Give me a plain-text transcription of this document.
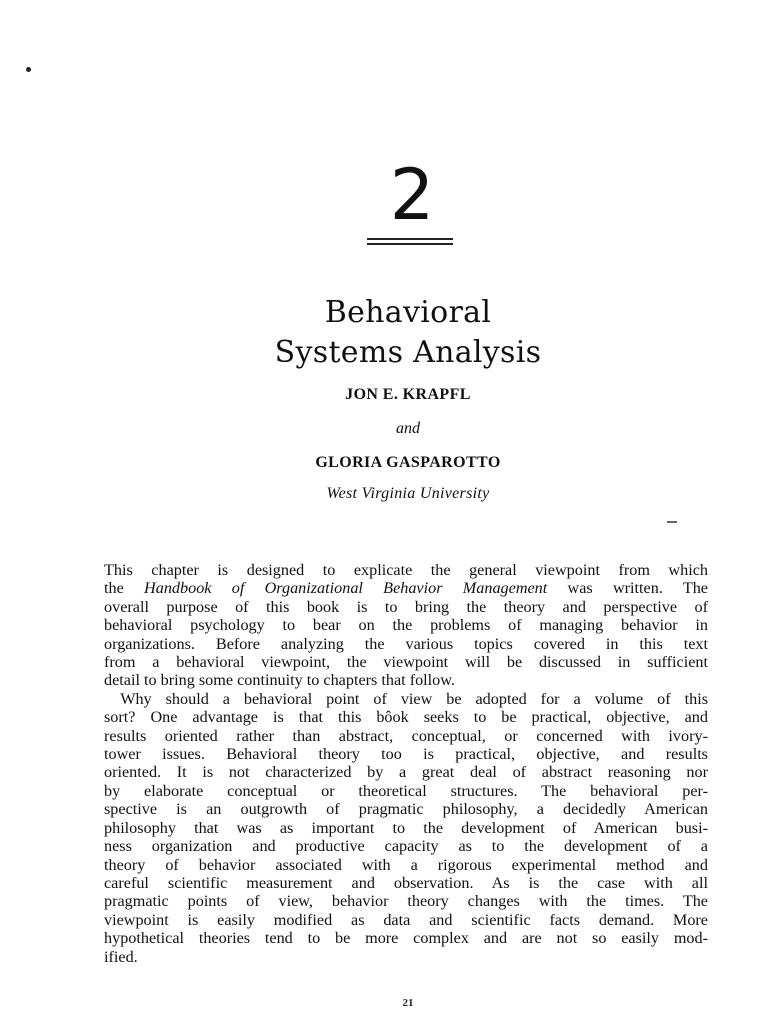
2
Behavioral
Systems Analysis
JON E. KRAPFL
and
GLORIA GASPAROTTO
West Virginia University
This chapter is designed to explicate the general viewpoint from which
the Handbook of Organizational Behavior Management was written. The
overall purpose of this book is to bring the theory and perspective of
behavioral psychology to bear on the problems of managing behavior in
organizations. Before analyzing the various topics covered in this text
from a behavioral viewpoint, the viewpoint will be discussed in sufficient
detail to bring some continuity to chapters that follow.
 Why should a behavioral point of view be adopted for a volume of this
sort? One advantage is that this bôok seeks to be practical, objective, and
results oriented rather than abstract, conceptual, or concerned with ivory-
tower issues. Behavioral theory too is practical, objective, and results
oriented. It is not characterized by a great deal of abstract reasoning nor
by elaborate conceptual or theoretical structures. The behavioral per-
spective is an outgrowth of pragmatic philosophy, a decidedly American
philosophy that was as important to the development of American busi-
ness organization and productive capacity as to the development of a
theory of behavior associated with a rigorous experimental method and
careful scientific measurement and observation. As is the case with all
pragmatic points of view, behavior theory changes with the times. The
viewpoint is easily modified as data and scientific facts demand. More
hypothetical theories tend to be more complex and are not so easily mod-
ified.
21
